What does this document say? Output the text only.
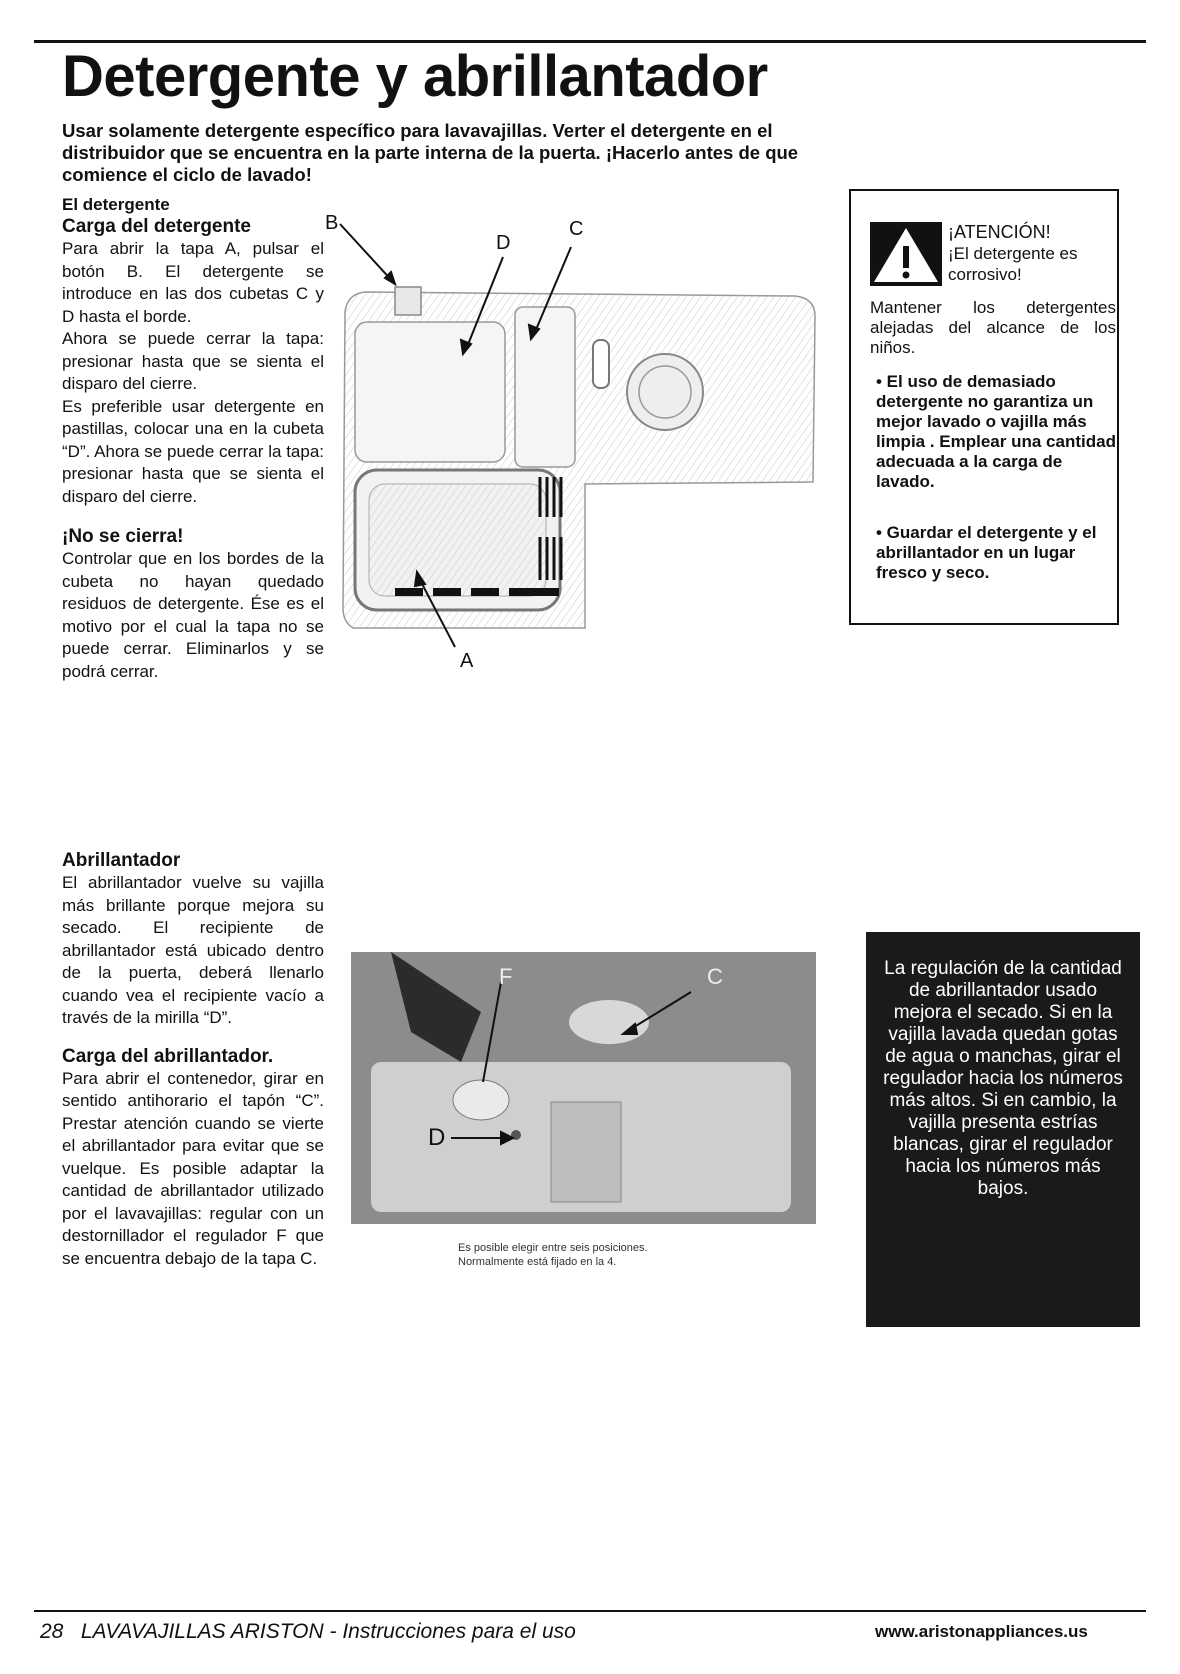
Detergente y abrillantador
Usar solamente detergente específico para lavavajillas. Verter el detergente en el distribuidor que se encuentra en la parte interna de la puerta. ¡Hacerlo antes de que comience el ciclo de lavado!
El detergente
Carga del detergente

Para abrir la tapa A, pulsar el botón B. El detergente se introduce en las dos cubetas C y D hasta el borde.

Ahora se puede cerrar la tapa: presionar hasta que se sienta el disparo del cierre.

Es preferible usar detergente en pastillas, colocar una en la cubeta “D”. Ahora se puede cerrar la tapa: presionar hasta que se sienta el disparo del cierre.

¡No se cierra!

Controlar que en los bordes de la cubeta no hayan quedado residuos de detergente. Ése es el motivo por el cual la tapa no se puede cerrar. Eliminarlos y se podrá cerrar.

B
D
C
A
¡ATENCIÓN!
¡El detergente es corrosivo!
Mantener los detergentes alejadas del alcance de los niños.
• El uso de demasiado detergente no garantiza un mejor lavado o vajilla más limpia . Emplear una cantidad adecuada a la carga de lavado.
• Guardar el detergente y el abrillantador en un lugar fresco y seco.
Abrillantador

El abrillantador vuelve su vajilla más brillante porque mejora su secado. El recipiente de abrillantador está ubicado dentro de la puerta, deberá llenarlo cuando vea el recipiente vacío a través de la mirilla “D”.

Carga del abrillantador.

Para abrir el contenedor, girar en sentido antihorario el tapón “C”. Prestar atención cuando se vierte el abrillantador para evitar que se vuelque. Es posible adaptar la cantidad de abrillantador utilizado por el lavavajillas: regular con un destornillador el regulador F que se encuentra debajo de la tapa C.

F	C
D
Es posible elegir entre seis posiciones.
Normalmente está fijado en la 4.
La regulación de la cantidad de abrillantador usado mejora el secado. Si en la vajilla lavada quedan gotas de agua o manchas, girar el regulador hacia los números más altos. Si en cambio, la vajilla presenta estrías blancas, girar el regulador hacia los números más bajos.
28 LAVAVAJILLAS ARISTON - Instrucciones para el uso	www.aristonappliances.us
